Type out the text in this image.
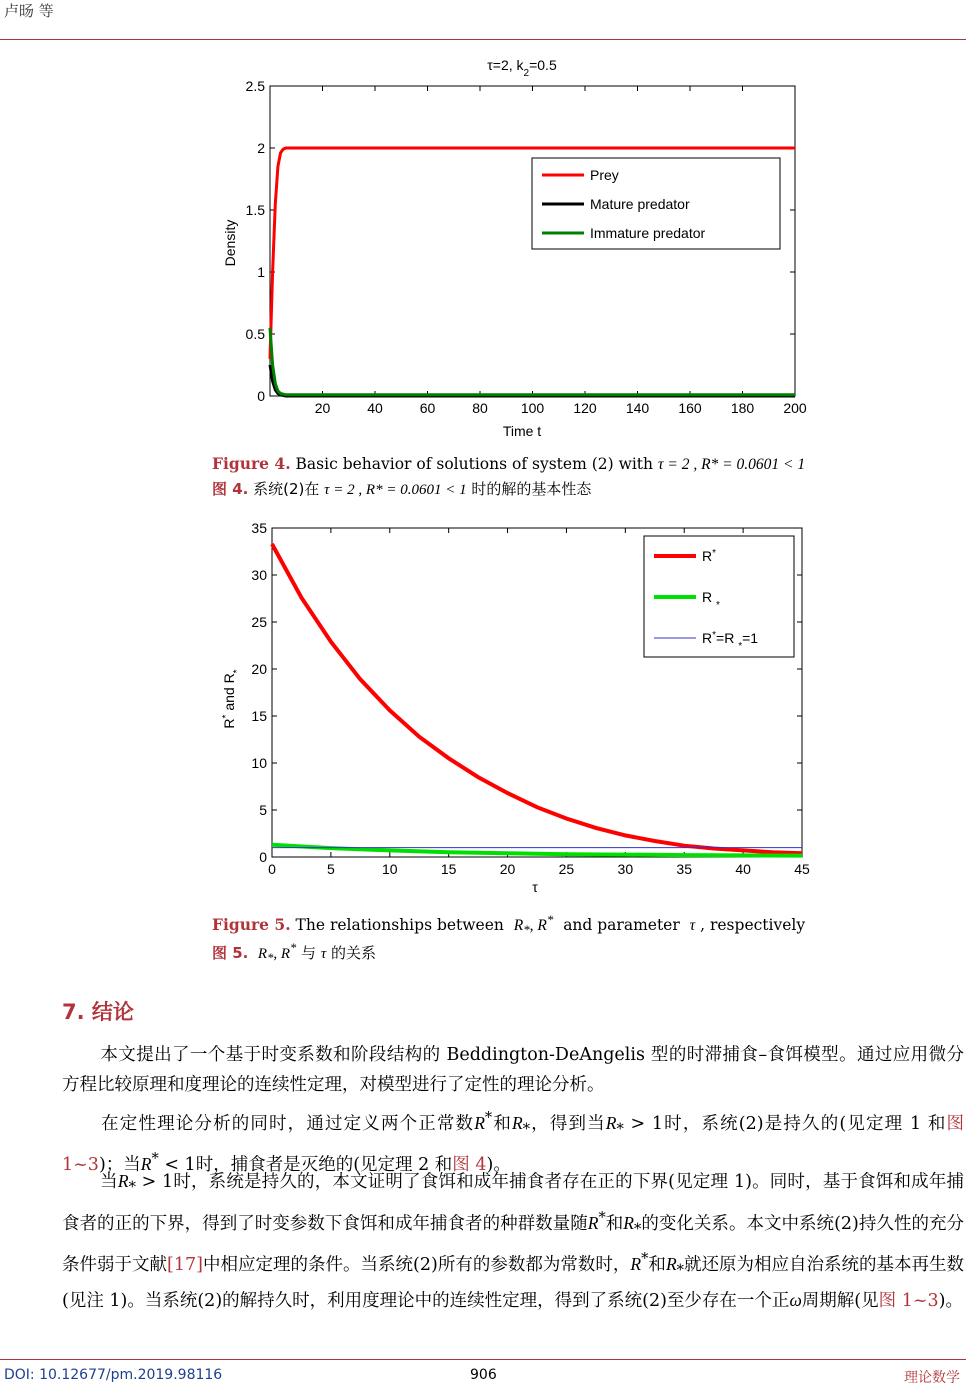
卢旸 等
τ=2, $k_2=0.5$
20	40	60	80 100 120 140 160 180 200
0
0.5
1
1.5
2
2.5
Prey
Mature predator
Immature predator
Time t
Density
Figure 4. Basic behavior of solutions of system (2) with τ = 2 , R* = 0.0601 < 1
图 4. 系统(2)在 τ = 2 , R* = 0.0601 < 1 时的解的基本性态
0	5	10	15	20	25	30	35	40	45
0
5
10
15
20
25
30
35
R*
R $_*$
R*=R $_*$=1
τ
R* and $R_*$
Figure 5. The relationships between $R_*$, R* and parameter τ , respectively
图 5. $R_*$, R* 与 τ 的关系
7. 结论
本文提出了一个基于时变系数和阶段结构的 Beddington-DeAngelis 型的时滞捕食–食饵模型。通过应用微分方程比较原理和度理论的连续性定理，对模型进行了定性的理论分析。
在定性理论分析的同时，通过定义两个正常数R*和$R_*$，得到当$R_* > 1$时，系统(2)是持久的(见定理 1 和图 1~3)；当R* < 1时，捕食者是灭绝的(见定理 2 和图 4)。
当$R_* > 1$时，系统是持久的，本文证明了食饵和成年捕食者存在正的下界(见定理 1)。同时，基于食饵和成年捕食者的正的下界，得到了时变参数下食饵和成年捕食者的种群数量随R*和$R_*$的变化关系。本文中系统(2)持久性的充分条件弱于文献[17]中相应定理的条件。当系统(2)所有的参数都为常数时，R*和$R_*$就还原为相应自治系统的基本再生数(见注 1)。当系统(2)的解持久时，利用度理论中的连续性定理，得到了系统(2)至少存在一个正ω周期解(见图 1~3)。
DOI: 10.12677/pm.2019.98116	906	理论数学
